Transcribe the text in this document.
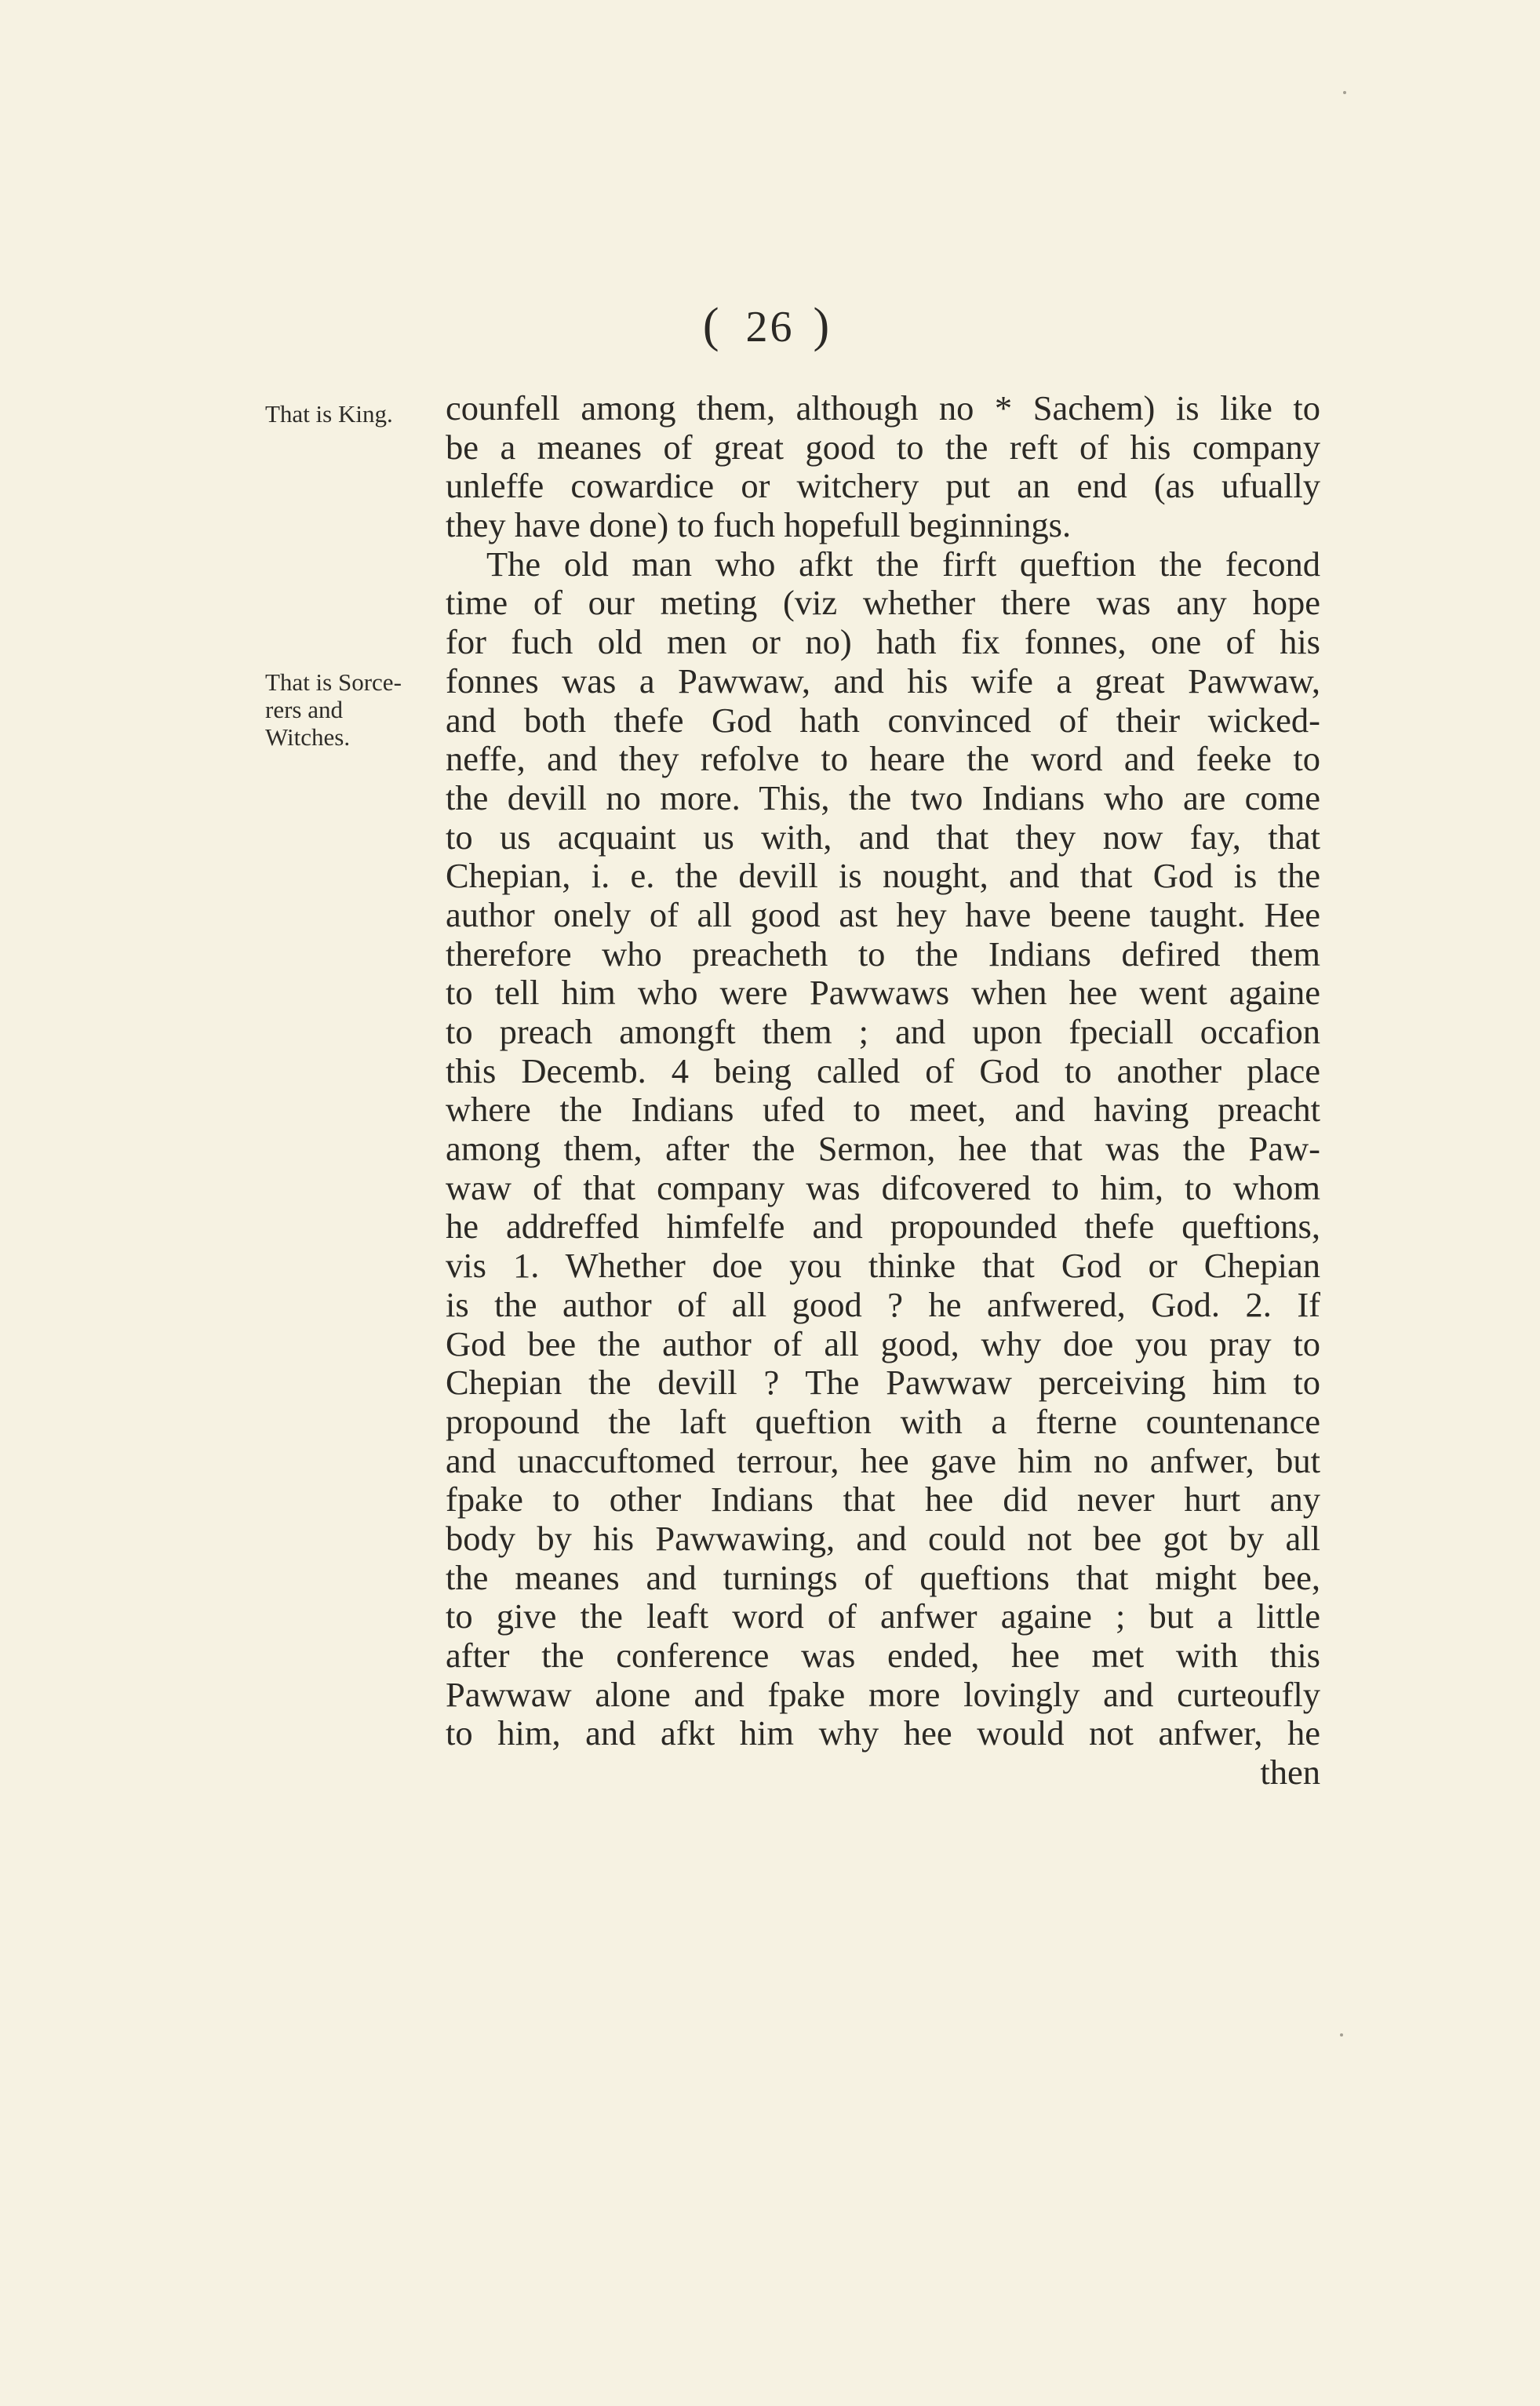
( 26 )
That is King.
That is Sorce-
rers and
Witches.
counfell among them, although no * Sachem) is like to
be a meanes of great good to the reft of his company
unleffe cowardice or witchery put an end (as ufually
they have done) to fuch hopefull beginnings.
The old man who afkt the firft queftion the fecond
time of our meting (viz whether there was any hope
for fuch old men or no) hath fix fonnes, one of his
fonnes was a Pawwaw, and his wife a great Pawwaw,
and both thefe God hath convinced of their wicked-
neffe, and they refolve to heare the word and feeke to
the devill no more. This, the two Indians who are come
to us acquaint us with, and that they now fay, that
Chepian, i. e. the devill is nought, and that God is the
author onely of all good ast hey have beene taught. Hee
therefore who preacheth to the Indians defired them
to tell him who were Pawwaws when hee went againe
to preach amongft them ; and upon fpeciall occafion
this Decemb. 4 being called of God to another place
where the Indians ufed to meet, and having preacht
among them, after the Sermon, hee that was the Paw-
waw of that company was difcovered to him, to whom
he addreffed himfelfe and propounded thefe queftions,
vis 1. Whether doe you thinke that God or Chepian
is the author of all good ? he anfwered, God. 2. If
God bee the author of all good, why doe you pray to
Chepian the devill ? The Pawwaw perceiving him to
propound the laft queftion with a fterne countenance
and unaccuftomed terrour, hee gave him no anfwer, but
fpake to other Indians that hee did never hurt any
body by his Pawwawing, and could not bee got by all
the meanes and turnings of queftions that might bee,
to give the leaft word of anfwer againe ; but a little
after the conference was ended, hee met with this
Pawwaw alone and fpake more lovingly and curteoufly
to him, and afkt him why hee would not anfwer, he
then
